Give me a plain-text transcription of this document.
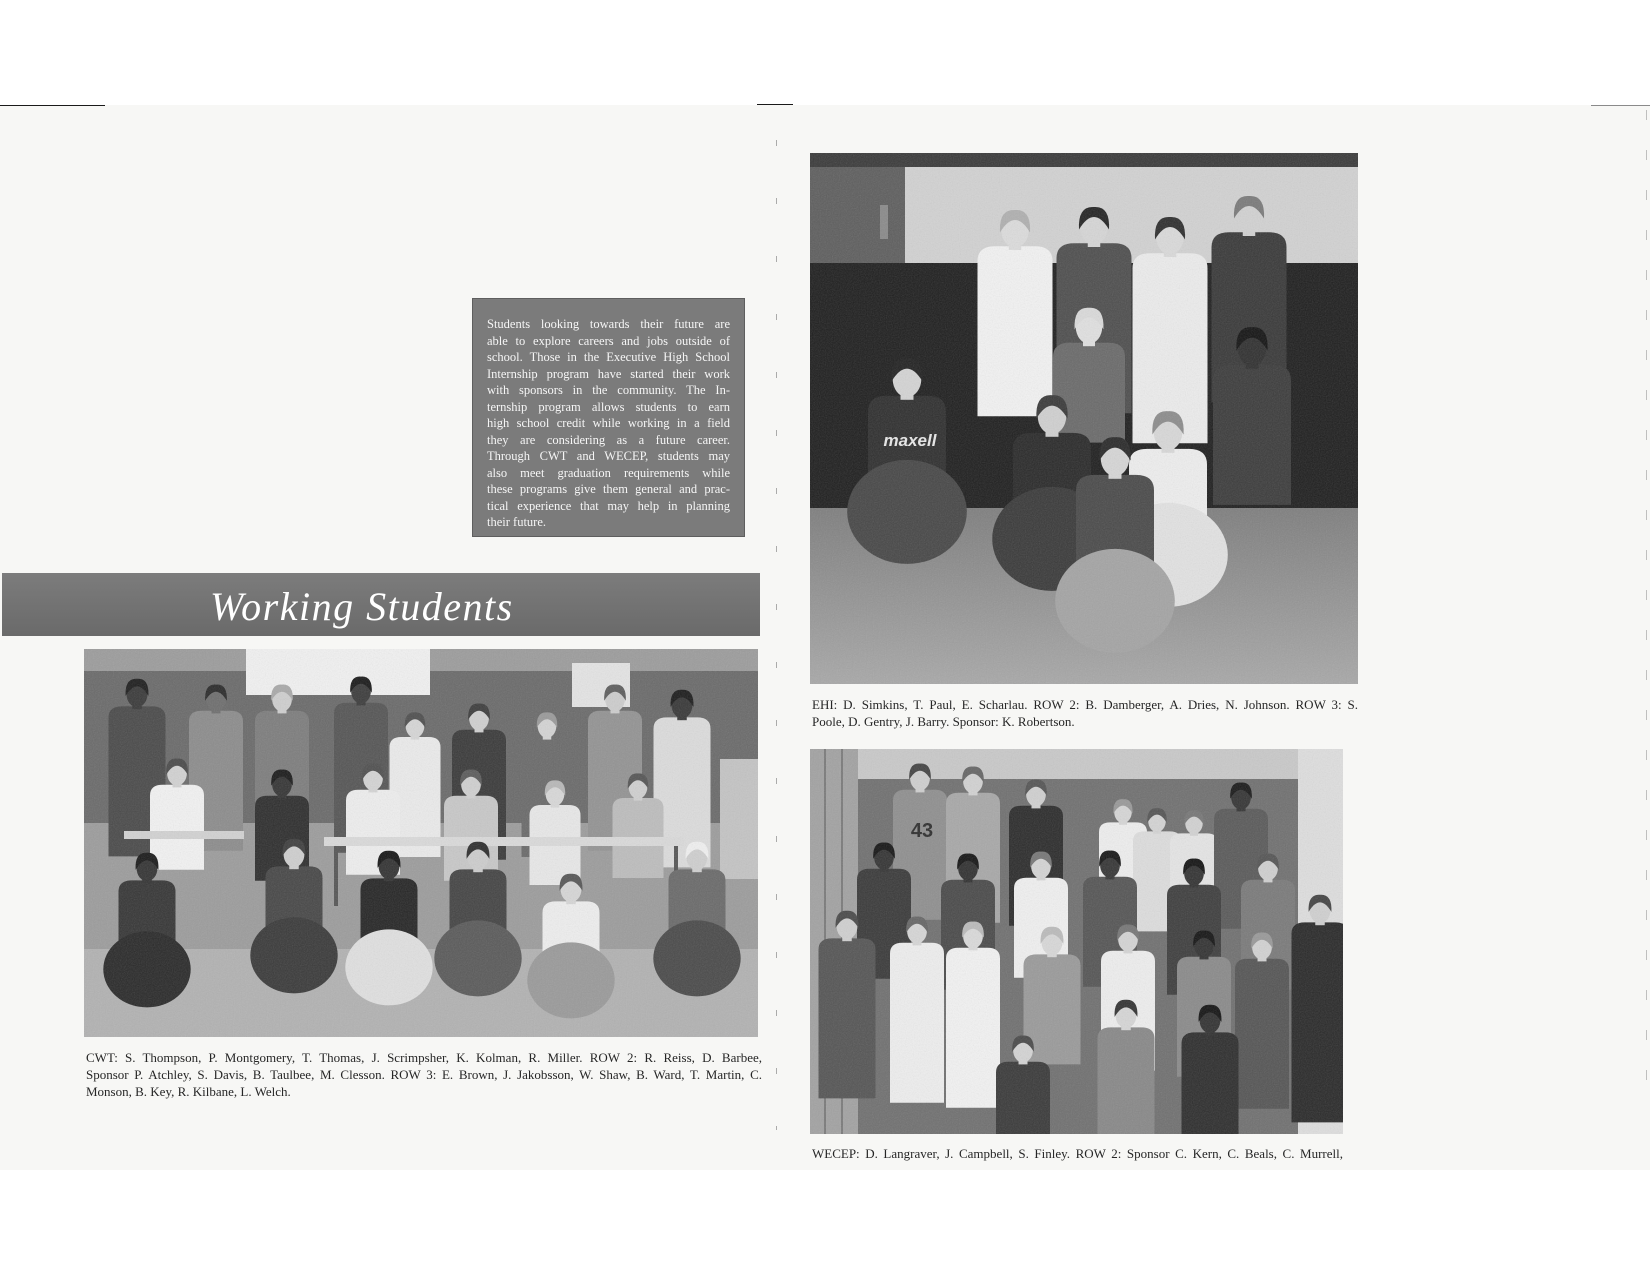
Students looking towards their future are
able to explore careers and jobs outside of
school. Those in the Executive High School
Internship program have started their work
with sponsors in the community. The In-
ternship program allows students to earn
high school credit while working in a field
they are considering as a future career.
Through CWT and WECEP, students may
also meet graduation requirements while
these programs give them general and prac-
tical experience that may help in planning
their future.
Working Students
CWT: S. Thompson, P. Montgomery, T. Thomas, J. Scrimpsher, K. Kolman, R. Miller. ROW 2: R. Reiss, D. Barbee,
Sponsor P. Atchley, S. Davis, B. Taulbee, M. Clesson. ROW 3: E. Brown, J. Jakobsson, W. Shaw, B. Ward, T. Martin, C.
Monson, B. Key, R. Kilbane, L. Welch.
EHI: D. Simkins, T. Paul, E. Scharlau. ROW 2: B. Damberger, A. Dries, N. Johnson. ROW 3: S.
Poole, D. Gentry, J. Barry. Sponsor: K. Robertson.
WECEP: D. Langraver, J. Campbell, S. Finley. ROW 2: Sponsor C. Kern, C. Beals, C. Murrell,
